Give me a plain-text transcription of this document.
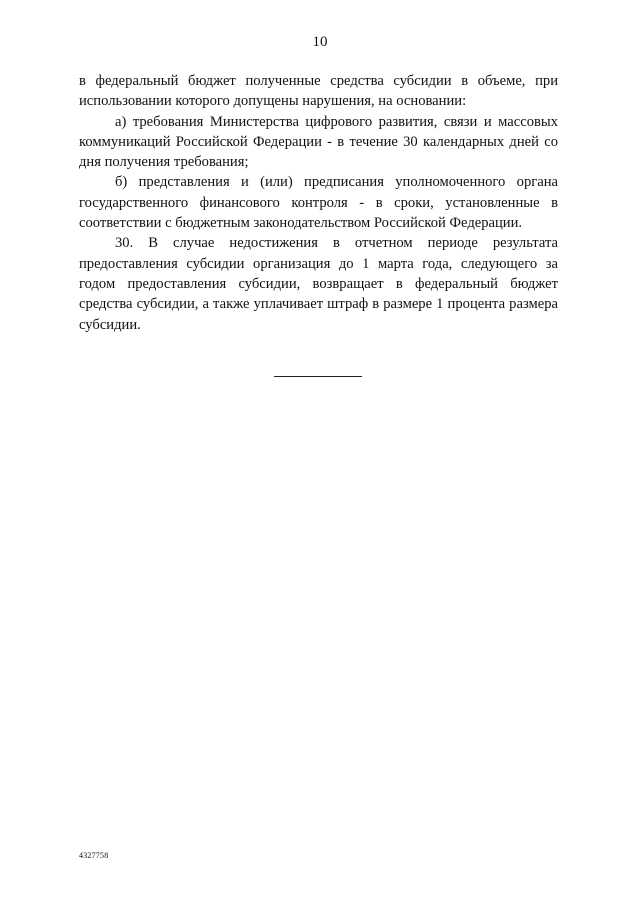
10

в федеральный бюджет полученные средства субсидии в объеме, при использовании которого допущены нарушения, на основании:

а) требования Министерства цифрового развития, связи и массовых коммуникаций Российской Федерации - в течение 30 календарных дней со дня получения требования;

б) представления и (или) предписания уполномоченного органа государственного финансового контроля - в сроки, установленные в соответствии с бюджетным законодательством Российской Федерации.

30. В случае недостижения в отчетном периоде результата предоставления субсидии организация до 1 марта года, следующего за годом предоставления субсидии, возвращает в федеральный бюджет средства субсидии, а также уплачивает штраф в размере 1 процента размера субсидии.

4327758
